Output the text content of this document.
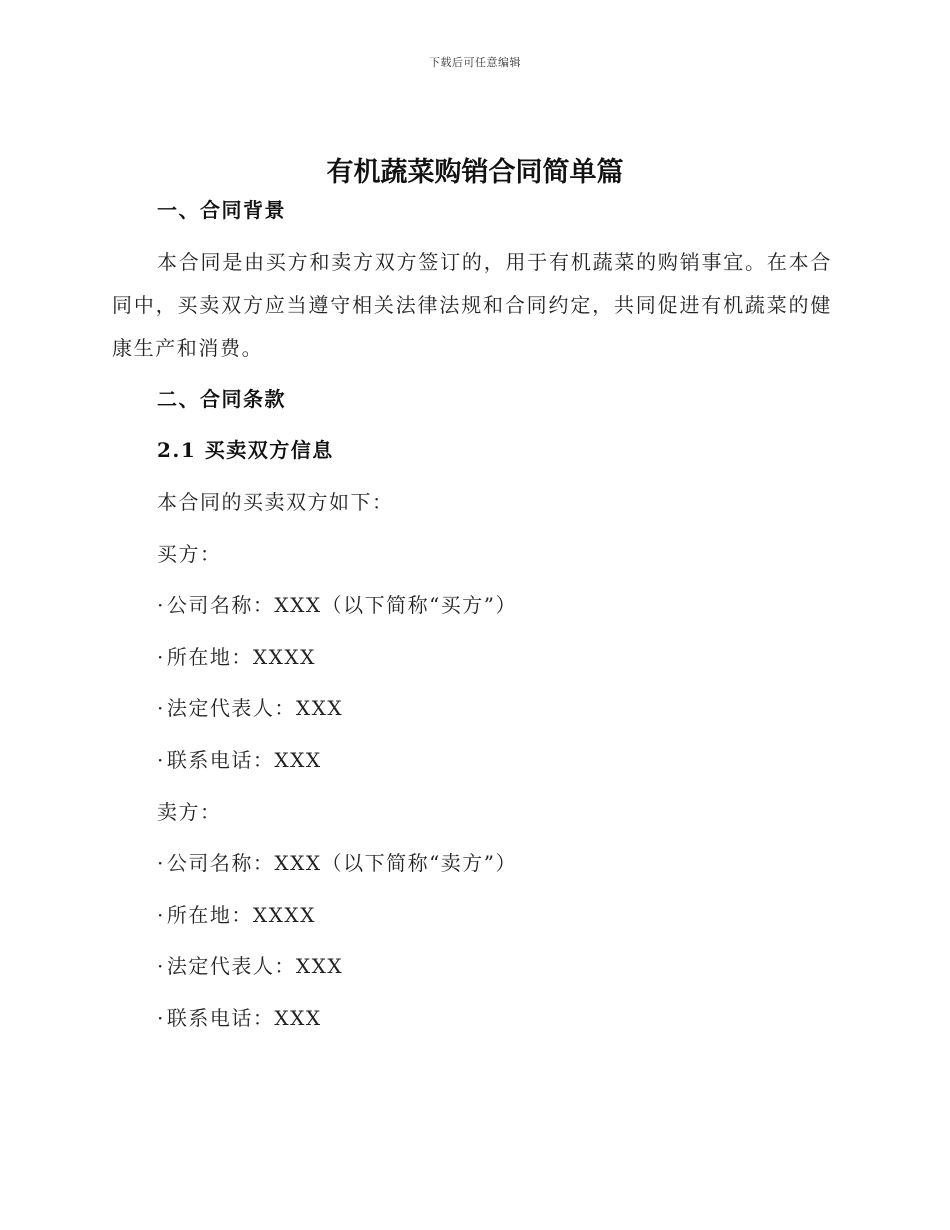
下载后可任意编辑
有机蔬菜购销合同简单篇

一、合同背景

本合同是由买方和卖方双方签订的，用于有机蔬菜的购销事宜。在本合同中，买卖双方应当遵守相关法律法规和合同约定，共同促进有机蔬菜的健康生产和消费。

二、合同条款

2.1 买卖双方信息

本合同的买卖双方如下：

买方：

· 公司名称：XXX（以下简称“买方”）

· 所在地：XXXX

· 法定代表人：XXX

· 联系电话：XXX

卖方：

· 公司名称：XXX（以下简称“卖方”）

· 所在地：XXXX

· 法定代表人：XXX

· 联系电话：XXX
